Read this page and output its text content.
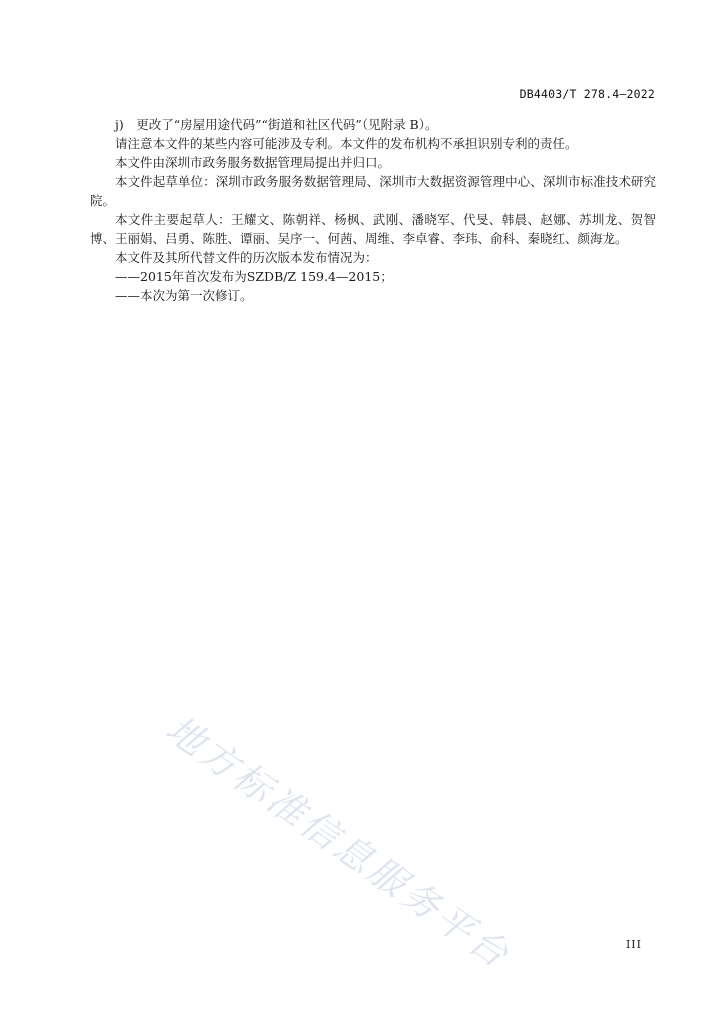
DB4403/T 278.4—2022

j)　更改了“房屋用途代码”“街道和社区代码”（见附录 B）。

请注意本文件的某些内容可能涉及专利。本文件的发布机构不承担识别专利的责任。

本文件由深圳市政务服务数据管理局提出并归口。

本文件起草单位：深圳市政务服务数据管理局、深圳市大数据资源管理中心、深圳市标准技术研究院。

本文件主要起草人：王耀文、陈朝祥、杨枫、武刚、潘晓军、代旻、韩晨、赵娜、苏圳龙、贺智博、王丽娟、吕勇、陈胜、谭丽、吴序一、何茜、周维、李卓睿、李玮、俞科、秦晓红、颜海龙。

本文件及其所代替文件的历次版本发布情况为：

——2015年首次发布为SZDB/Z 159.4—2015；

——本次为第一次修订。

地方标准信息服务平台	III
